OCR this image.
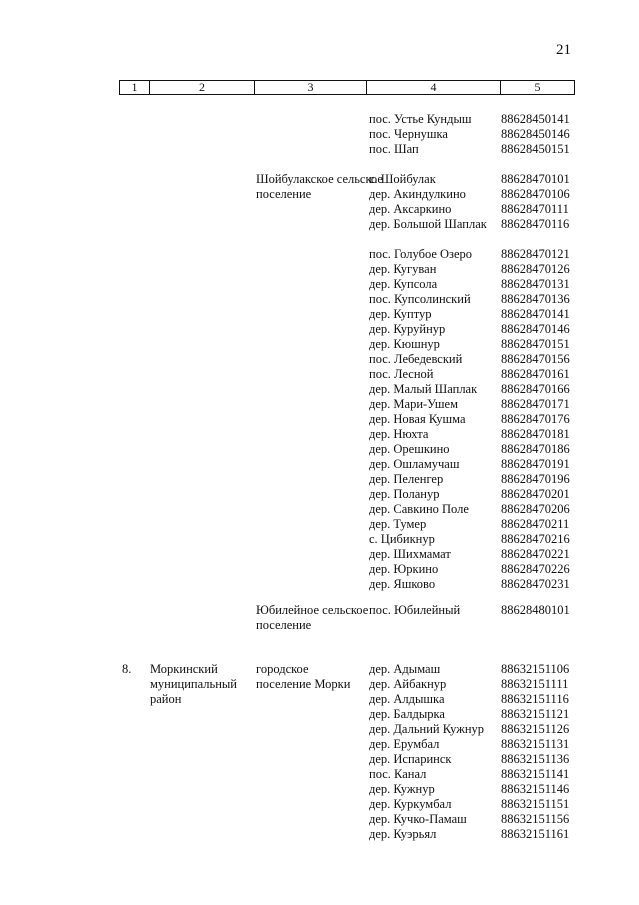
21
1	2	3	4	5
пос. Устье Кундыш 88628450141
пос. Чернушка	88628450146
пос. Шап	88628450151
Шойбулакское сельское поселение
с. Шойбулак	88628470101
дер. Акиндулкино	88628470106
дер. Аксаркино	88628470111
дер. Большой Шаплак	88628470116
пос. Голубое Озеро 88628470121
дер. Кугуван	88628470126
дер. Купсола	88628470131
пос. Купсолинский 88628470136
дер. Куптур	88628470141
дер. Куруйнур	88628470146
дер. Кюшнур	88628470151
пос. Лебедевский	88628470156
пос. Лесной	88628470161
дер. Малый Шаплак 88628470166
дер. Мари-Ушем	88628470171
дер. Новая Кушма	88628470176
дер. Нюхта	88628470181
дер. Орешкино	88628470186
дер. Ошламучаш	88628470191
дер. Пеленгер	88628470196
дер. Поланур	88628470201
дер. Савкино Поле	88628470206
дер. Тумер	88628470211
с. Цибикнур	88628470216
дер. Шихмамат	88628470221
дер. Юркино	88628470226
дер. Яшково	88628470231
Юбилейное сельское поселение
пос. Юбилейный	88628480101
8. Моркинский муниципальный район
городское поселение Морки
дер. Адымаш	88632151106
дер. Айбакнур	88632151111
дер. Алдышка	88632151116
дер. Балдырка	88632151121
дер. Дальний Кужнур 88632151126
дер. Ерумбал	88632151131
дер. Испаринск	88632151136
пос. Канал	88632151141
дер. Кужнур	88632151146
дер. Куркумбал	88632151151
дер. Кучко-Памаш	88632151156
дер. Куэрьял	88632151161
